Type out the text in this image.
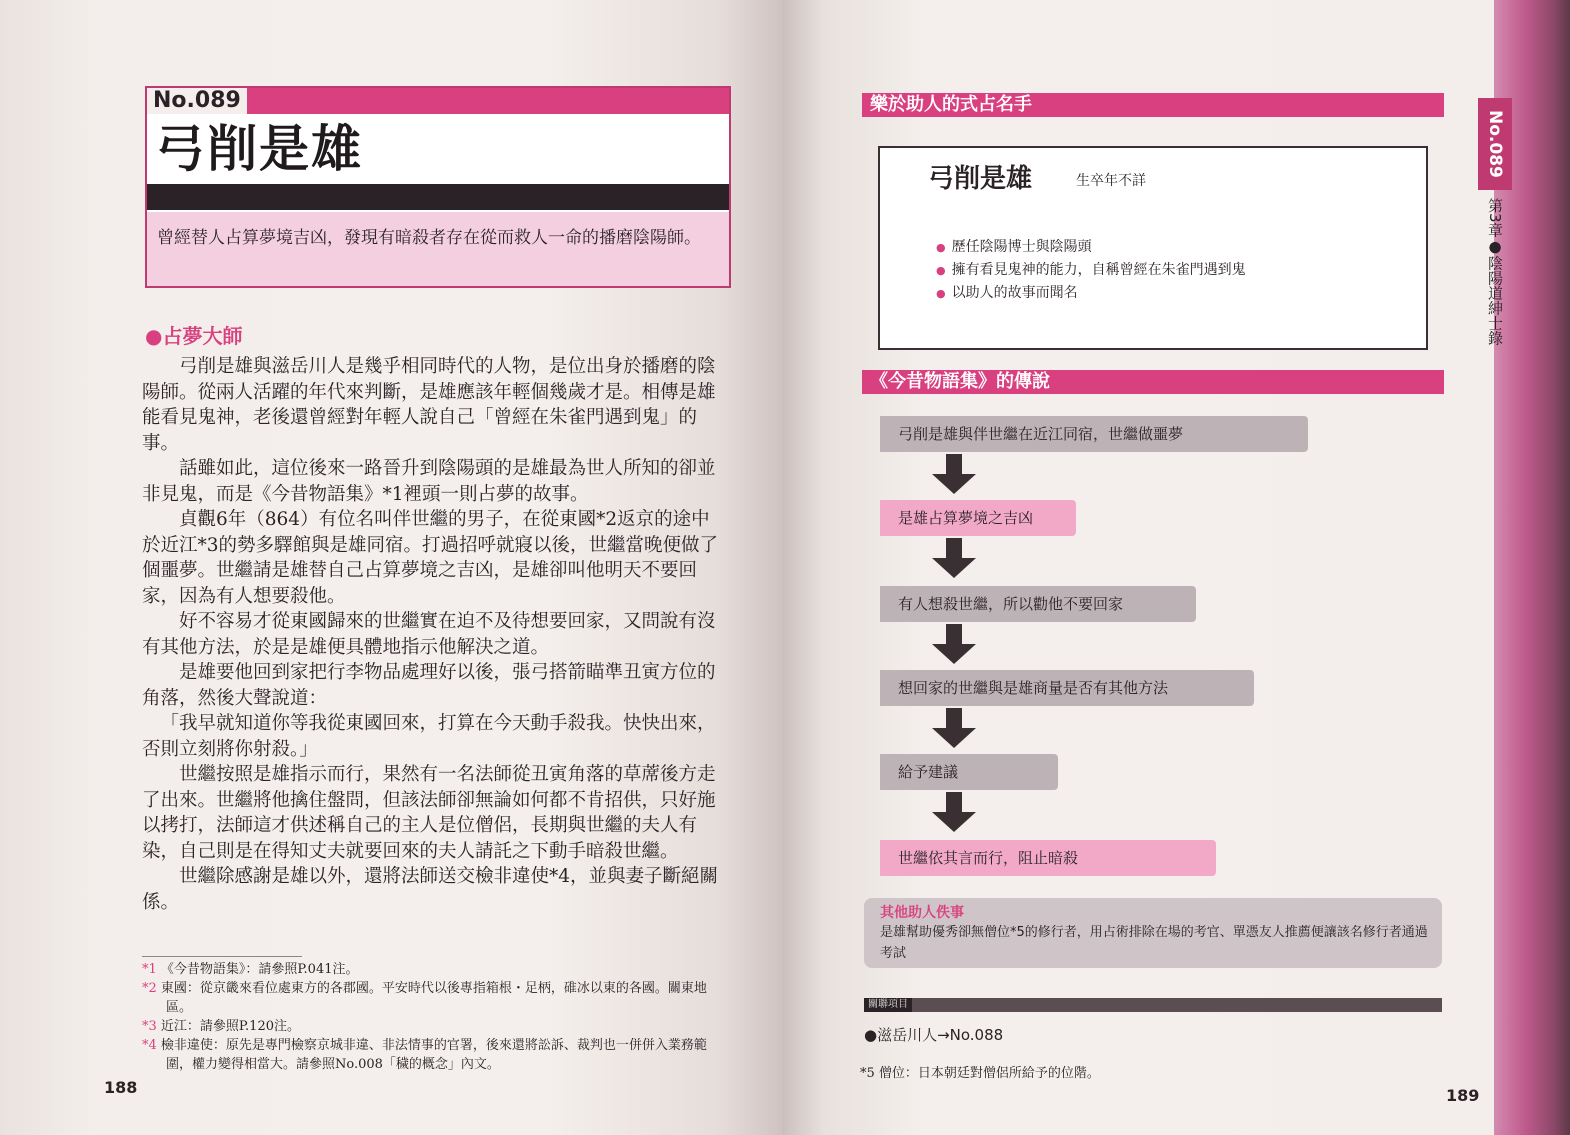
No.089
弓削是雄

曾經替人占算夢境吉凶，發現有暗殺者存在從而救人一命的播磨陰陽師。

●占夢大師

弓削是雄與滋岳川人是幾乎相同時代的人物，是位出身於播磨的陰陽師。從兩人活躍的年代來判斷，是雄應該年輕個幾歲才是。相傳是雄能看見鬼神，老後還曾經對年輕人說自己「曾經在朱雀門遇到鬼」的事。

話雖如此，這位後來一路晉升到陰陽頭的是雄最為世人所知的卻並非見鬼，而是《今昔物語集》*1裡頭一則占夢的故事。

貞觀6年（864）有位名叫伴世繼的男子，在從東國*2返京的途中於近江*3的勢多驛館與是雄同宿。打過招呼就寢以後，世繼當晚便做了個噩夢。世繼請是雄替自己占算夢境之吉凶，是雄卻叫他明天不要回家，因為有人想要殺他。

好不容易才從東國歸來的世繼實在迫不及待想要回家，又問說有沒有其他方法，於是是雄便具體地指示他解決之道。

是雄要他回到家把行李物品處理好以後，張弓搭箭瞄準丑寅方位的角落，然後大聲說道：

「我早就知道你等我從東國回來，打算在今天動手殺我。快快出來，否則立刻將你射殺。」

世繼按照是雄指示而行，果然有一名法師從丑寅角落的草蓆後方走了出來。世繼將他擒住盤問，但該法師卻無論如何都不肯招供，只好施以拷打，法師這才供述稱自己的主人是位僧侶，長期與世繼的夫人有染，自己則是在得知丈夫就要回來的夫人請託之下動手暗殺世繼。

世繼除感謝是雄以外，還將法師送交檢非違使*4，並與妻子斷絕關係。

*1 《今昔物語集》：請參照P.041注。
*2 東國：從京畿來看位處東方的各郡國。平安時代以後專指箱根・足柄，碓冰以東的各國。關東地區。
*3 近江：請參照P.120注。
*4 檢非違使：原先是專門檢察京城非違、非法情事的官署，後來還將訟訴、裁判也一併併入業務範圍，權力變得相當大。請參照No.008「穢的概念」內文。
188
樂於助人的式占名手
弓削是雄	生卒年不詳
● 歷任陰陽博士與陰陽頭
● 擁有看見鬼神的能力，自稱曾經在朱雀門遇到鬼
● 以助人的故事而聞名
《今昔物語集》的傳說
弓削是雄與伴世繼在近江同宿，世繼做噩夢
是雄占算夢境之吉凶
有人想殺世繼，所以勸他不要回家
想回家的世繼與是雄商量是否有其他方法
給予建議
世繼依其言而行，阻止暗殺
其他助人佚事
是雄幫助優秀卻無僧位*5的修行者，用占術排除在場的考官、單憑友人推薦便讓該名修行者通過考試
關聯項目
●滋岳川人→No.088
*5 僧位：日本朝廷對僧侶所給予的位階。
189
No.089
第3章●陰陽道紳士錄
